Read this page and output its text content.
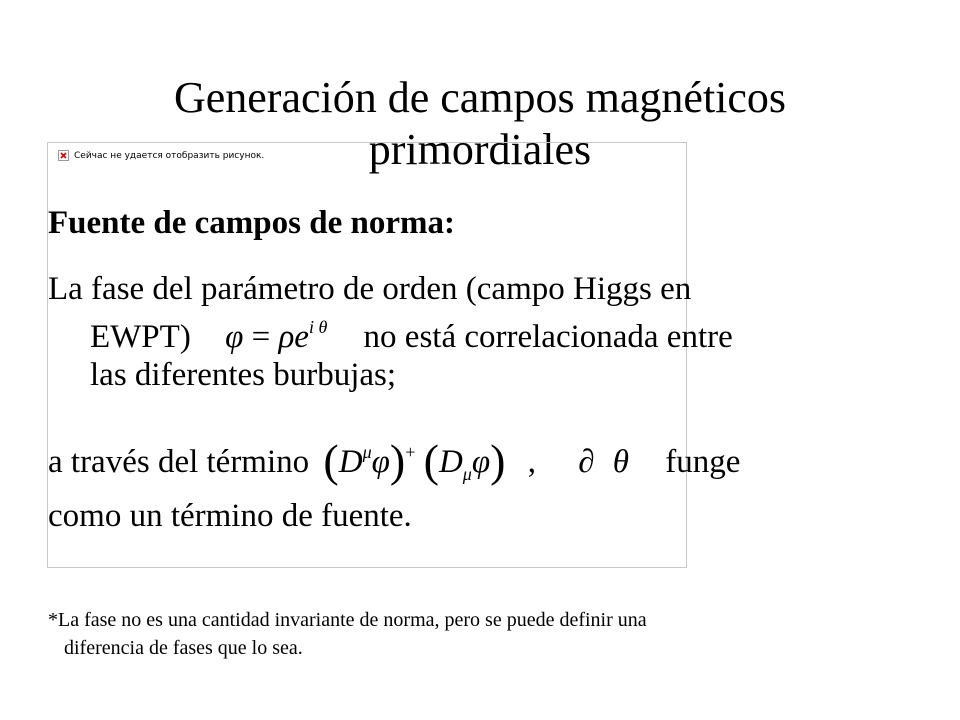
Generación de campos magnéticos
primordiales
Сейчас не удается отобразить рисунок.

Fuente de campos de norma:

La fase del parámetro de orden (campo Higgs en
EWPT) $\varphi = \rho e^{i \theta}$ no está correlacionada entre
las diferentes burbujas;

a través del término $(D^\mu\varphi)^+$ $(D_\mu\varphi)$ , ∂ θ funge

como un término de fuente.

*La fase no es una cantidad invariante de norma, pero se puede definir una
diferencia de fases que lo sea.
